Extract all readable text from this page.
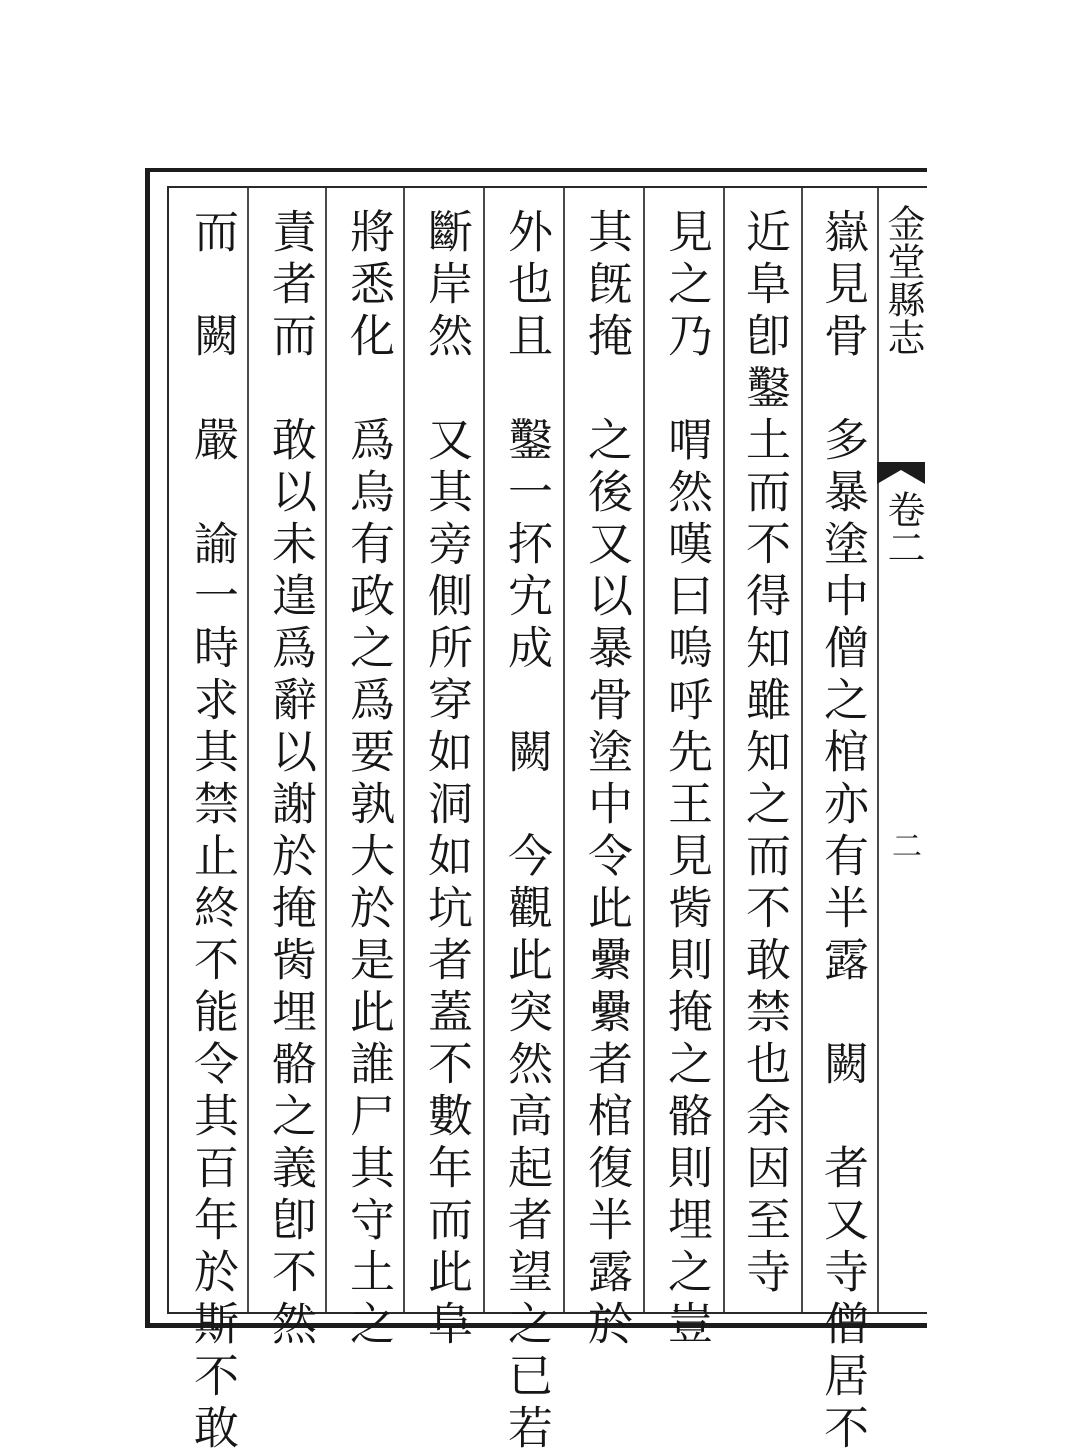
金堂縣志
卷二
二
嶽見骨　多暴塗中僧之棺亦有半露　闕　者又寺僧居不
近阜卽鑿土而不得知雖知之而不敢禁也余因至寺
見之乃　喟然嘆曰嗚呼先王見胔則掩之骼則埋之豈
其旣掩　之後又以暴骨塗中令此纍纍者棺復半露於
外也且　鑿一抔宄成　闕　今觀此突然高起者望之已若
斷岸然　又其旁側所穿如洞如坑者蓋不數年而此阜
將悉化　爲烏有政之爲要孰大於是此誰尸其守土之
責者而　敢以未遑爲辭以謝於掩胔埋骼之義卽不然
而　闕　嚴　諭一時求其禁止終不能令其百年於斯不敢
